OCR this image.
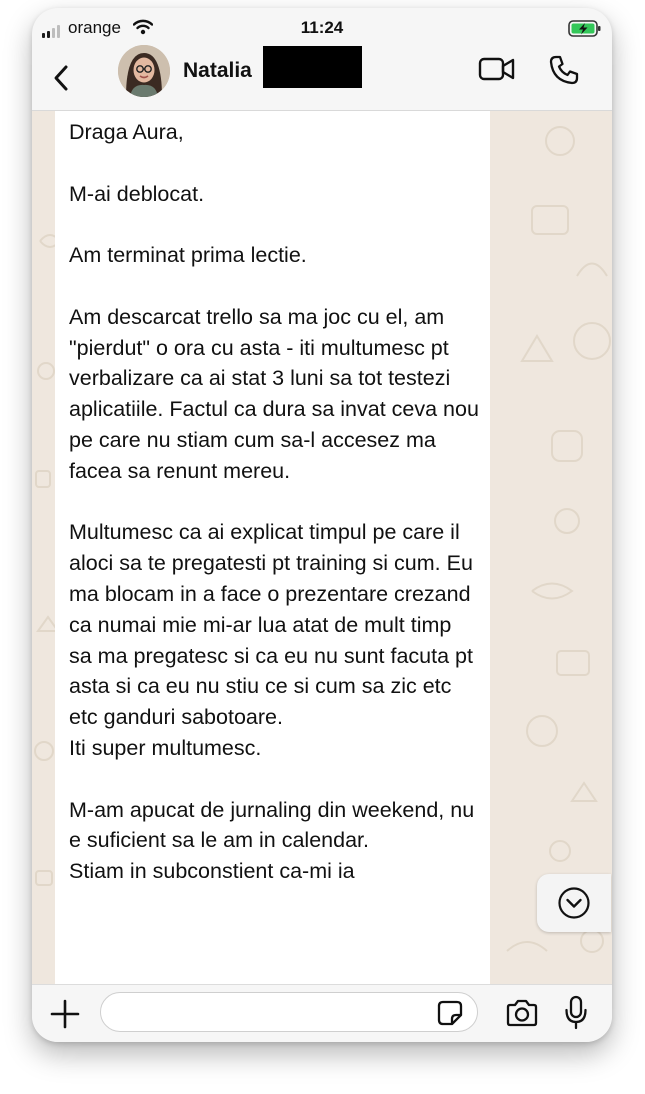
orange	11:24
Natalia

Draga Aura,

M-ai deblocat.

Am terminat prima lectie.

Am descarcat trello sa ma joc cu el, am "pierdut" o ora cu asta - iti multumesc pt verbalizare ca ai stat 3 luni sa tot testezi aplicatiile. Factul ca dura sa invat ceva nou pe care nu stiam cum sa-l accesez ma facea sa renunt mereu.

Multumesc ca ai explicat timpul pe care il aloci sa te pregatesti pt training si cum. Eu ma blocam in a face o prezentare crezand ca numai mie mi-ar lua atat de mult timp sa ma pregatesc si ca eu nu sunt facuta pt asta si ca eu nu stiu ce si cum sa zic etc etc ganduri sabotoare.
Iti super multumesc.

M-am apucat de jurnaling din weekend, nu e suficient sa le am in calendar.
Stiam in subconstient ca-mi ia
